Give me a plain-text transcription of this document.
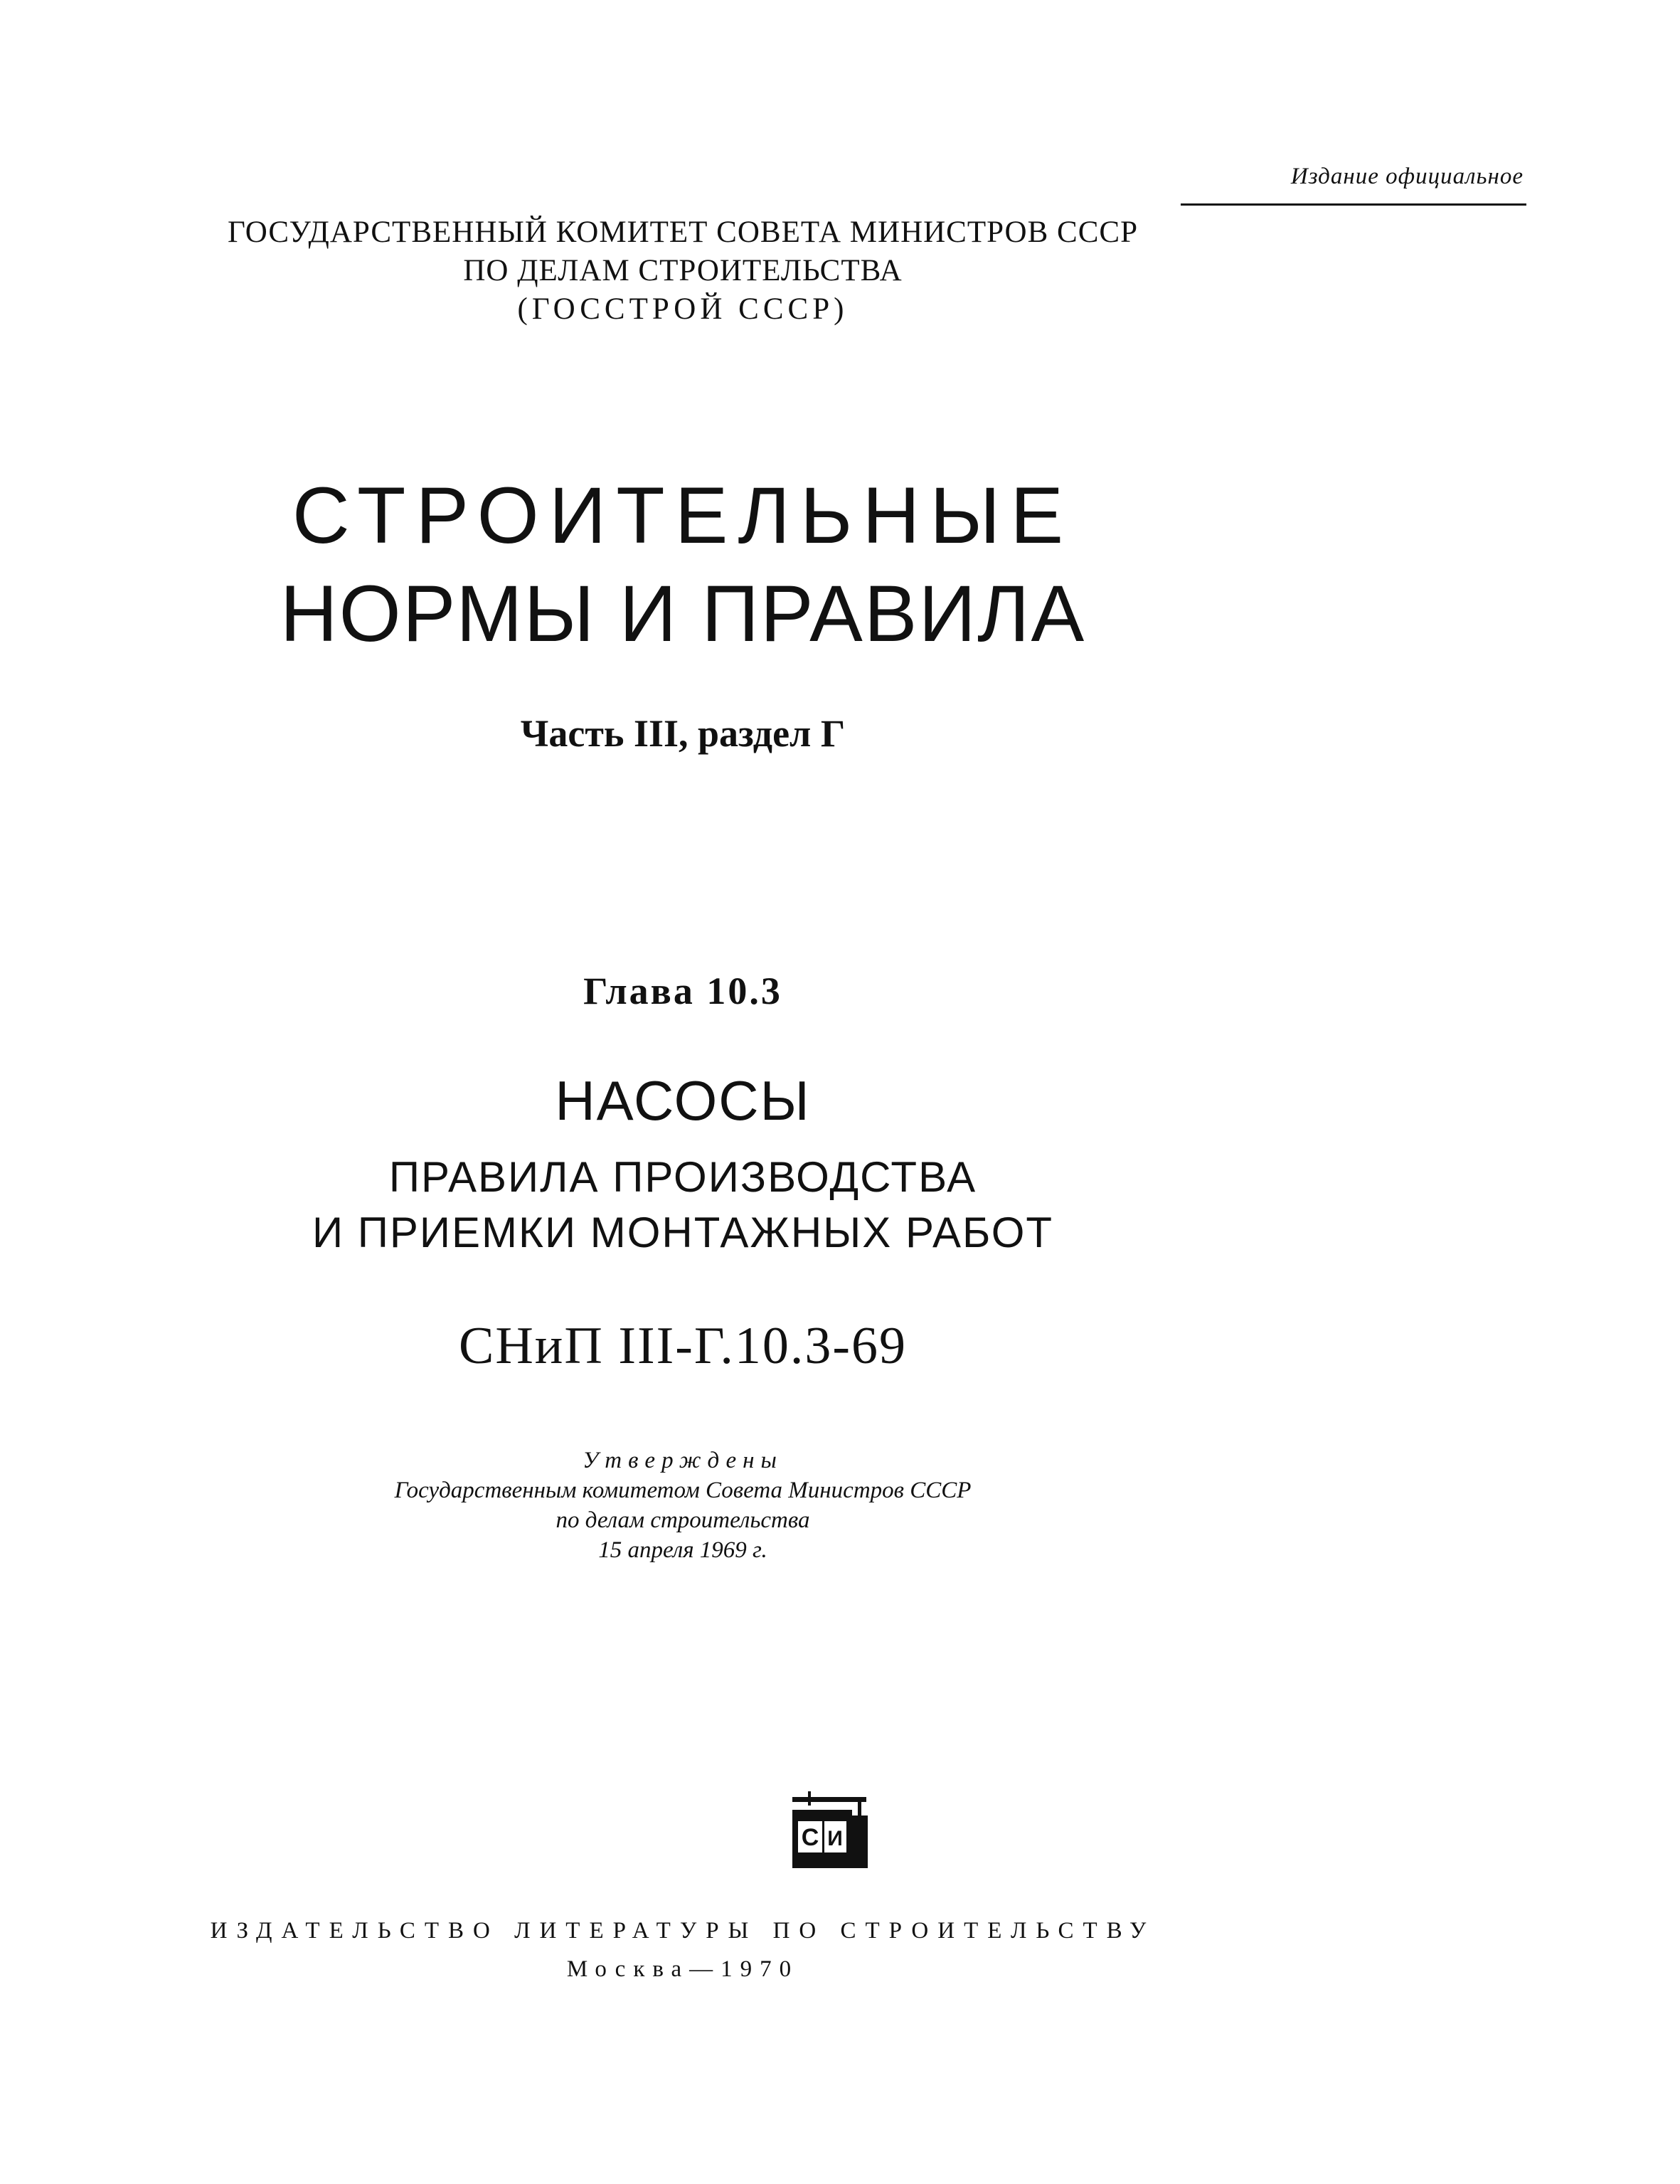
Издание официальное
ГОСУДАРСТВЕННЫЙ КОМИТЕТ СОВЕТА МИНИСТРОВ СССР
ПО ДЕЛАМ СТРОИТЕЛЬСТВА
(ГОССТРОЙ СССР)
СТРОИТЕЛЬНЫЕ
НОРМЫ И ПРАВИЛА
Часть III, раздел Г
Глава 10.3
НАСОСЫ
ПРАВИЛА ПРОИЗВОДСТВА
И ПРИЕМКИ МОНТАЖНЫХ РАБОТ
СНиП III-Г.10.3-69
Утверждены
Государственным комитетом Совета Министров СССР
по делам строительства
15 апреля 1969 г.
С И
ИЗДАТЕЛЬСТВО ЛИТЕРАТУРЫ ПО СТРОИТЕЛЬСТВУ
Москва—1970
